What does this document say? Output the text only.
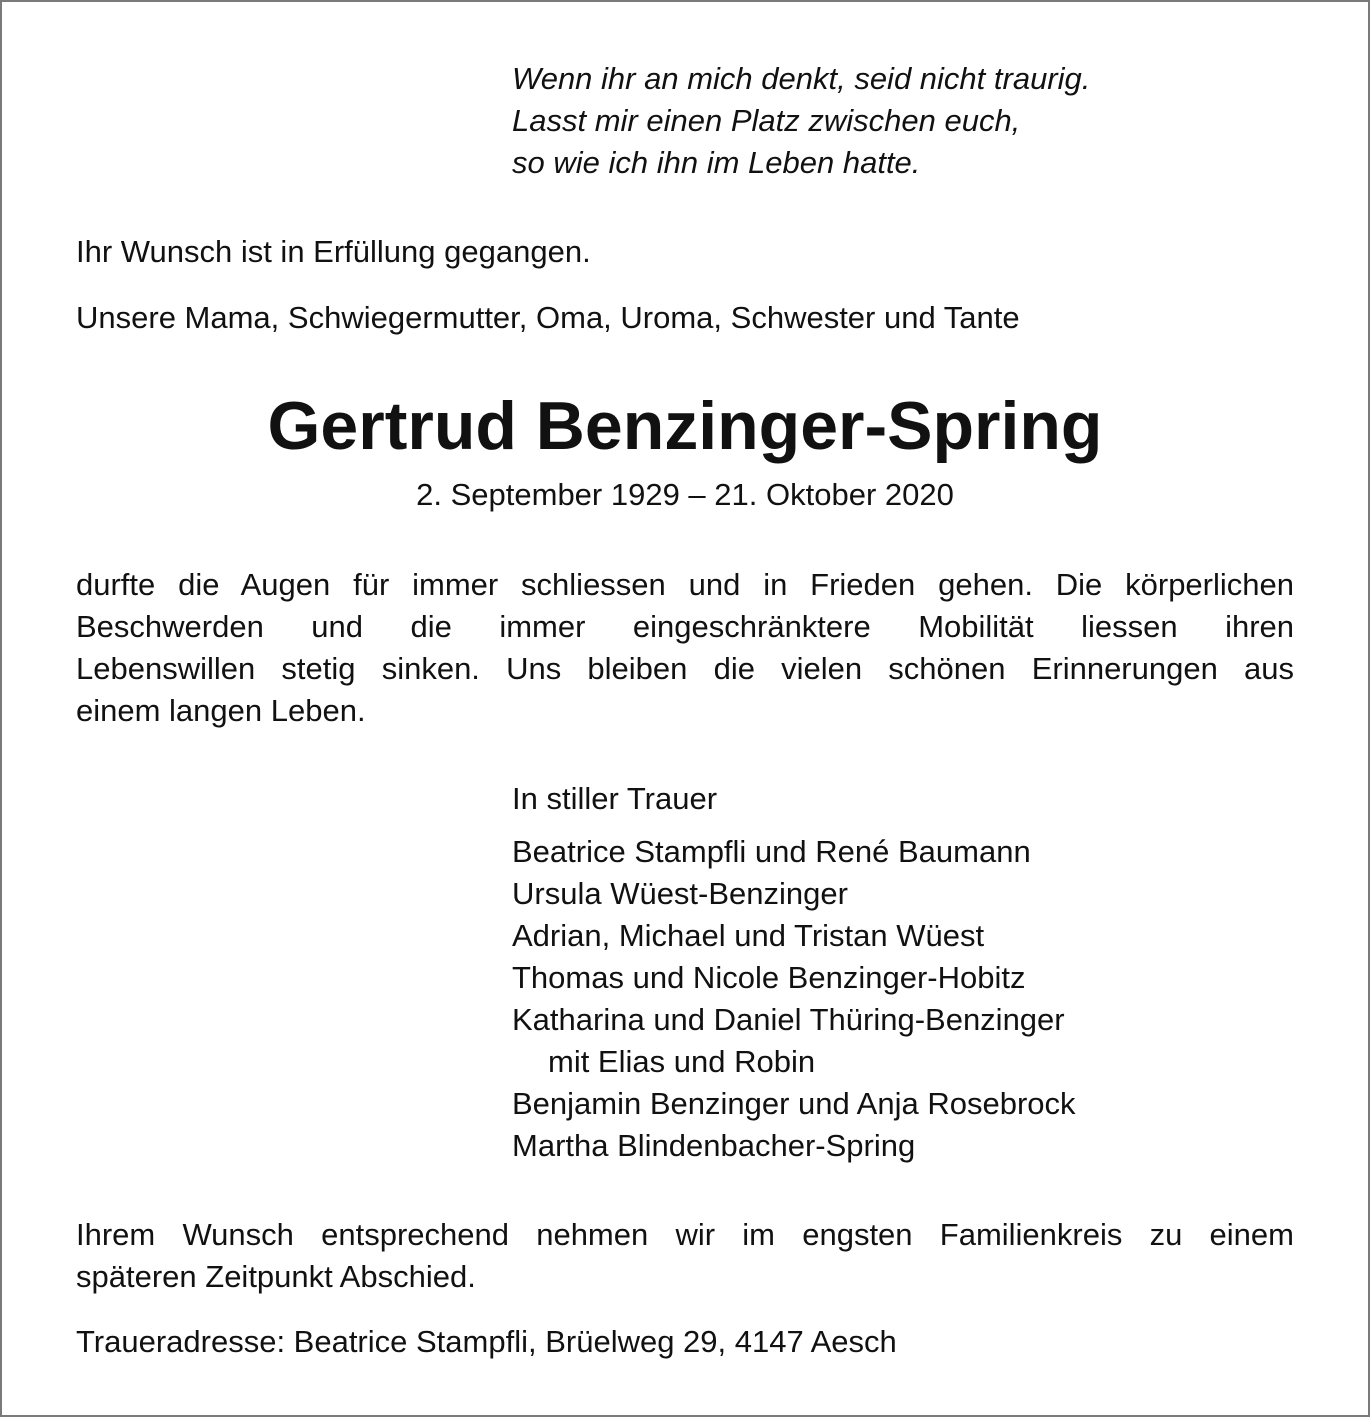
Wenn ihr an mich denkt, seid nicht traurig.
Lasst mir einen Platz zwischen euch,
so wie ich ihn im Leben hatte.

Ihr Wunsch ist in Erfüllung gegangen.

Unsere Mama, Schwiegermutter, Oma, Uroma, Schwester und Tante

Gertrud Benzinger-Spring

2. September 1929 – 21. Oktober 2020

durfte die Augen für immer schliessen und in Frieden gehen. Die körperlichen
Beschwerden und die immer eingeschränktere Mobilität liessen ihren
Lebenswillen stetig sinken. Uns bleiben die vielen schönen Erinnerungen aus
einem langen Leben.

In stiller Trauer

Beatrice Stampfli und René Baumann
Ursula Wüest-Benzinger
Adrian, Michael und Tristan Wüest
Thomas und Nicole Benzinger-Hobitz
Katharina und Daniel Thüring-Benzinger
mit Elias und Robin
Benjamin Benzinger und Anja Rosebrock
Martha Blindenbacher-Spring
Ihrem Wunsch entsprechend nehmen wir im engsten Familienkreis zu einem
späteren Zeitpunkt Abschied.

Traueradresse: Beatrice Stampfli, Brüelweg 29, 4147 Aesch
